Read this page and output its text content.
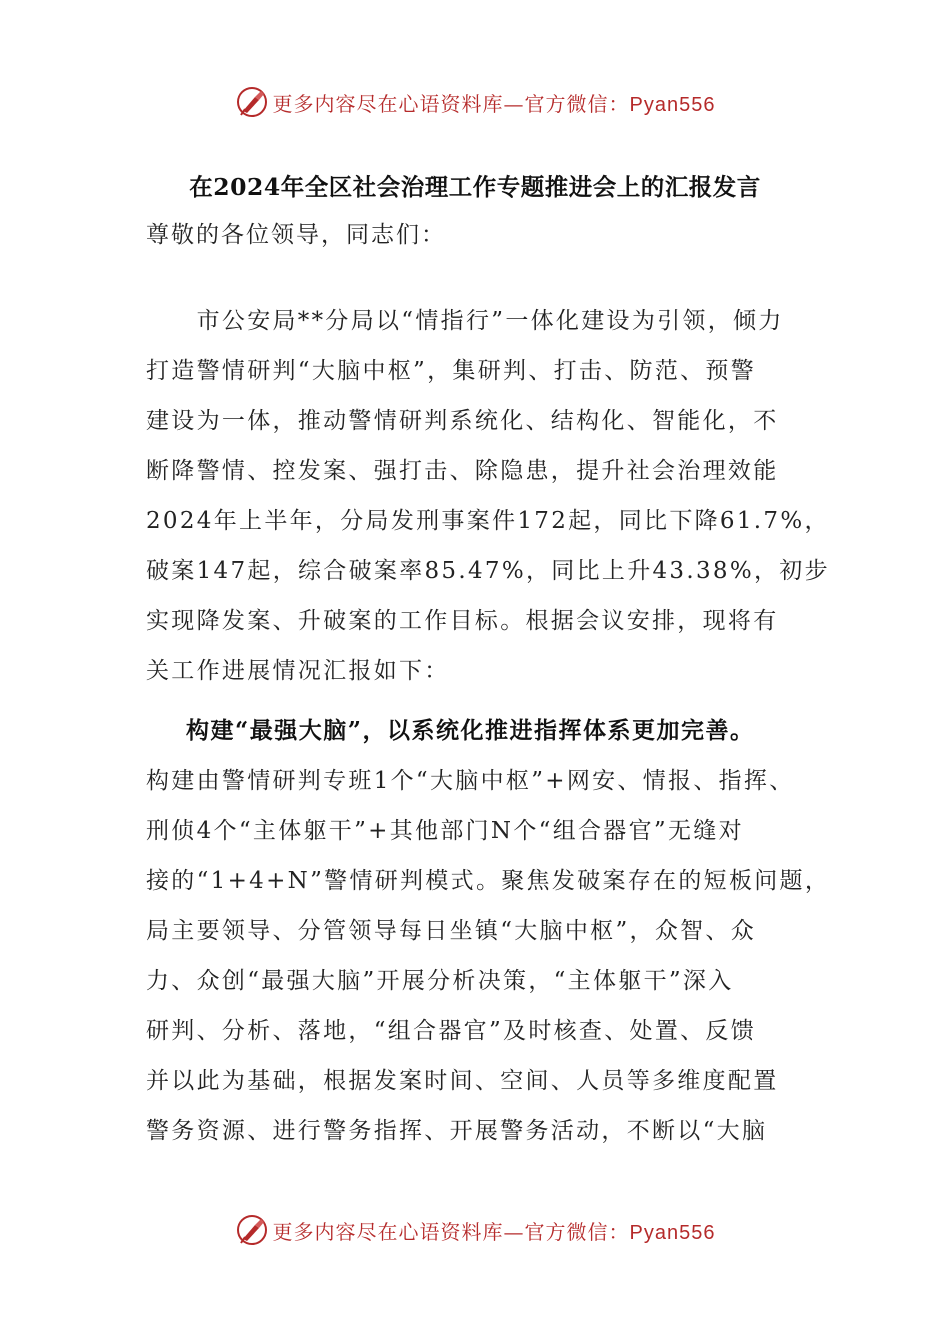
更多内容尽在心语资料库—官方微信：Pyan556
在2024年全区社会治理工作专题推进会上的汇报发言
尊敬的各位领导，同志们：
　　市公安局**分局以“情指行”一体化建设为引领，倾力
打造警情研判“大脑中枢”，集研判、打击、防范、预警
建设为一体，推动警情研判系统化、结构化、智能化，不
断降警情、控发案、强打击、除隐患，提升社会治理效能
2024年上半年，分局发刑事案件172起，同比下降61.7%，
破案147起，综合破案率85.47%，同比上升43.38%，初步
实现降发案、升破案的工作目标。根据会议安排，现将有
关工作进展情况汇报如下：
构建“最强大脑”，以系统化推进指挥体系更加完善。
构建由警情研判专班1个“大脑中枢”+网安、情报、指挥、
刑侦4个“主体躯干”+其他部门N个“组合器官”无缝对
接的“1+4+N”警情研判模式。聚焦发破案存在的短板问题，
局主要领导、分管领导每日坐镇“大脑中枢”，众智、众
力、众创“最强大脑”开展分析决策，“主体躯干”深入
研判、分析、落地，“组合器官”及时核查、处置、反馈
并以此为基础，根据发案时间、空间、人员等多维度配置
警务资源、进行警务指挥、开展警务活动，不断以“大脑
更多内容尽在心语资料库—官方微信：Pyan556
